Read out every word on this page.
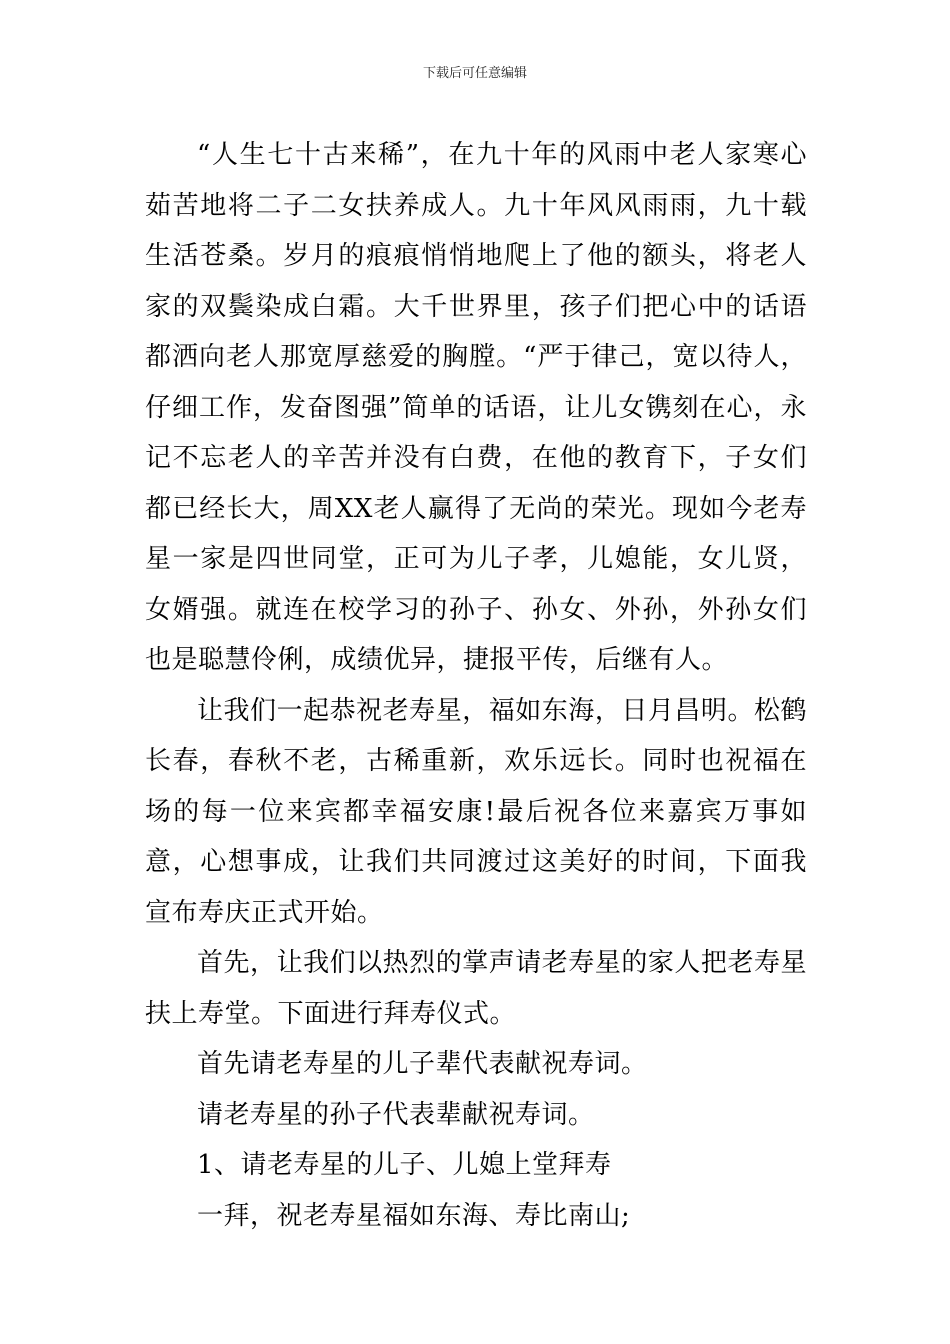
下载后可任意编辑

“人生七十古来稀”，在九十年的风雨中老人家寒心茹苦地将二子二女扶养成人。九十年风风雨雨，九十载生活苍桑。岁月的痕痕悄悄地爬上了他的额头，将老人家的双鬓染成白霜。大千世界里，孩子们把心中的话语都洒向老人那宽厚慈爱的胸膛。“严于律己，宽以待人，仔细工作，发奋图强”简单的话语，让儿女镌刻在心，永记不忘老人的辛苦并没有白费，在他的教育下，子女们都已经长大，周XX老人赢得了无尚的荣光。现如今老寿星一家是四世同堂，正可为儿子孝，儿媳能，女儿贤，女婿强。就连在校学习的孙子、孙女、外孙，外孙女们也是聪慧伶俐，成绩优异，捷报平传，后继有人。

让我们一起恭祝老寿星，福如东海，日月昌明。松鹤长春，春秋不老，古稀重新，欢乐远长。同时也祝福在场的每一位来宾都幸福安康!最后祝各位来嘉宾万事如意，心想事成，让我们共同渡过这美好的时间，下面我宣布寿庆正式开始。

首先，让我们以热烈的掌声请老寿星的家人把老寿星扶上寿堂。下面进行拜寿仪式。

首先请老寿星的儿子辈代表献祝寿词。

请老寿星的孙子代表辈献祝寿词。

1、请老寿星的儿子、儿媳上堂拜寿

一拜，祝老寿星福如东海、寿比南山;
